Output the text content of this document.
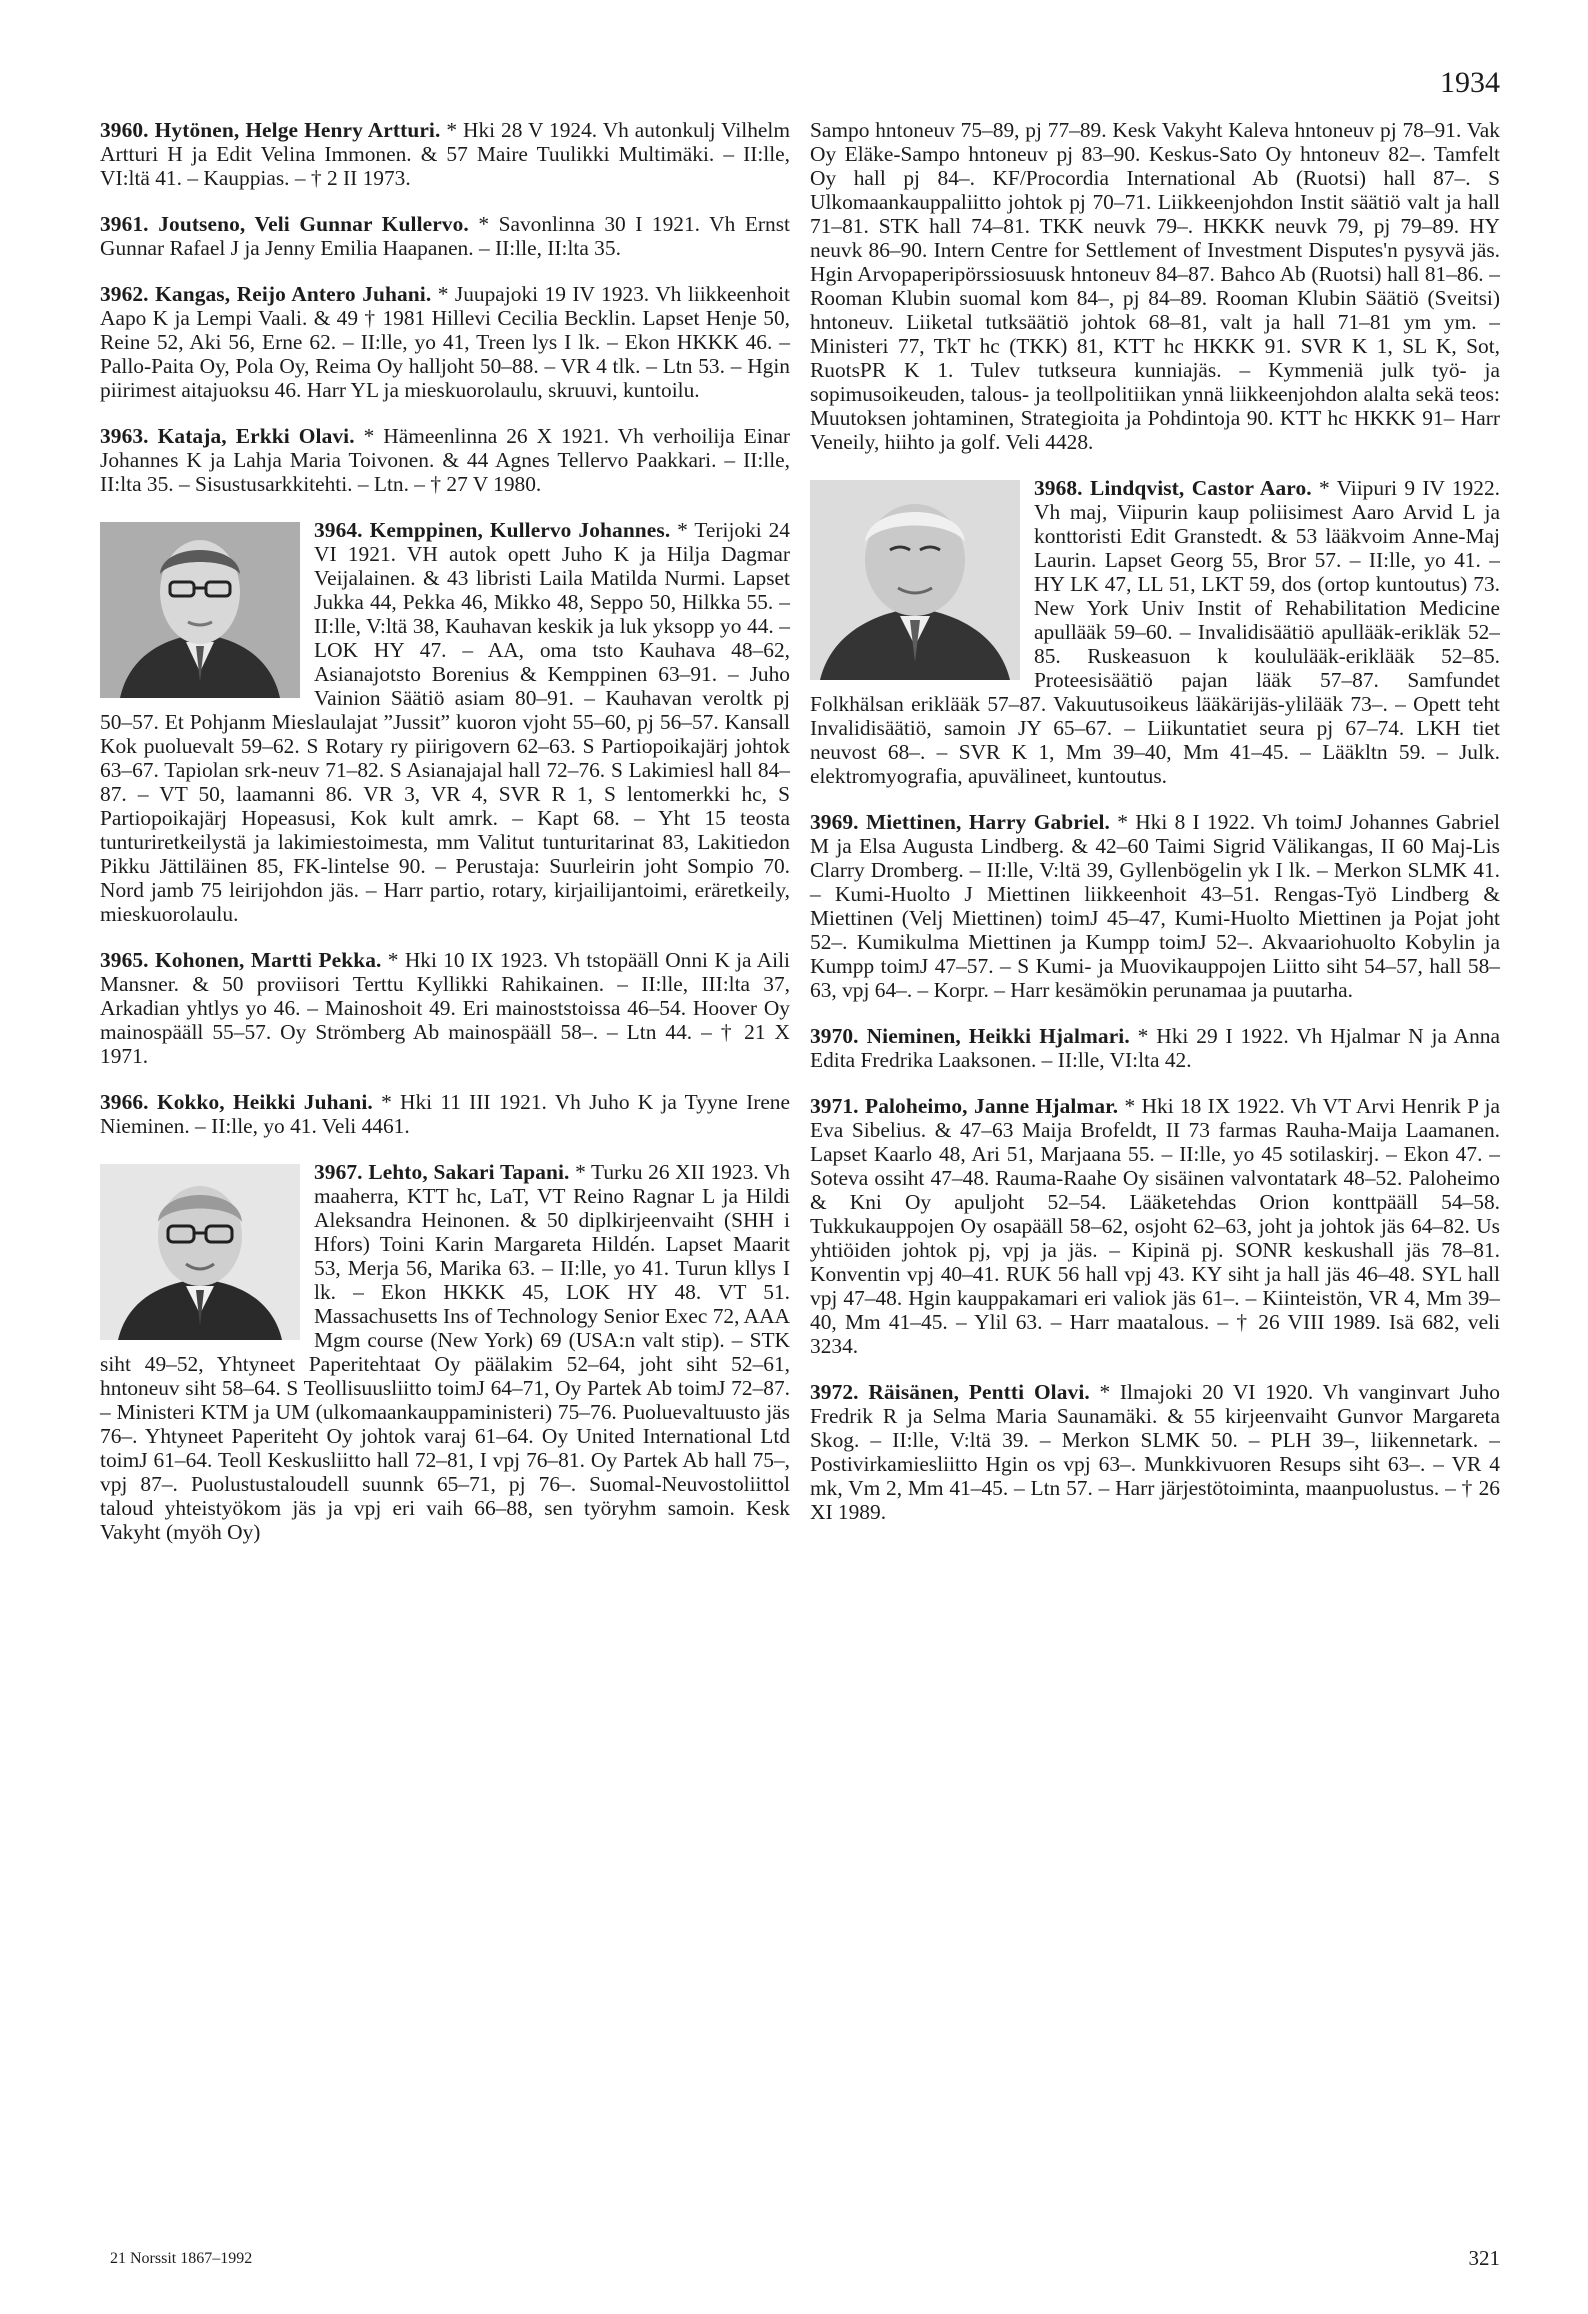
1934
3960. Hytönen, Helge Henry Artturi. * Hki 28 V 1924. Vh autonkulj Vilhelm Artturi H ja Edit Velina Immonen. & 57 Maire Tuulikki Multimäki. – II:lle, VI:ltä 41. – Kauppias. – † 2 II 1973.
3961. Joutseno, Veli Gunnar Kullervo. * Savonlinna 30 I 1921. Vh Ernst Gunnar Rafael J ja Jenny Emilia Haapanen. – II:lle, II:lta 35.
3962. Kangas, Reijo Antero Juhani. * Juupajoki 19 IV 1923. Vh liikkeenhoit Aapo K ja Lempi Vaali. & 49 † 1981 Hillevi Cecilia Becklin. Lapset Henje 50, Reine 52, Aki 56, Erne 62. – II:lle, yo 41, Treen lys I lk. – Ekon HKKK 46. – Pallo-Paita Oy, Pola Oy, Reima Oy halljoht 50–88. – VR 4 tlk. – Ltn 53. – Hgin piirimest aitajuoksu 46. Harr YL ja mieskuorolaulu, skruuvi, kuntoilu.
3963. Kataja, Erkki Olavi. * Hämeenlinna 26 X 1921. Vh verhoilija Einar Johannes K ja Lahja Maria Toivonen. & 44 Agnes Tellervo Paakkari. – II:lle, II:lta 35. – Sisustusarkkitehti. – Ltn. – † 27 V 1980.
3964. Kemppinen, Kullervo Johannes.
* Terijoki 24 VI 1921. VH autok opett Juho K ja Hilja Dagmar Veijalainen. & 43 libristi Laila Matilda Nurmi. Lapset Jukka 44, Pekka 46, Mikko 48, Seppo 50, Hilkka 55. – II:lle, V:ltä 38, Kauhavan keskik ja luk yksopp yo 44. – LOK HY 47. – AA, oma tsto Kauhava 48–62, Asianajotsto Borenius & Kemppinen 63–91. – Juho Vainion Säätiö asiam 80–91. – Kauhavan veroltk pj 50–57. Et Pohjanm Mieslaulajat ”Jussit” kuoron vjoht 55–60, pj 56–57. Kansall Kok puoluevalt 59–62. S Rotary ry piirigovern 62–63. S Partiopoikajärj johtok 63–67. Tapiolan srk-neuv 71–82. S Asianajajal hall 72–76. S Lakimiesl hall 84–87. – VT 50, laamanni 86. VR 3, VR 4, SVR R 1, S lentomerkki hc, S Partiopoikajärj Hopeasusi, Kok kult amrk. – Kapt 68. – Yht 15 teosta tunturiretkeilystä ja lakimiestoimesta, mm Valitut tunturitarinat 83, Lakitiedon Pikku Jättiläinen 85, FK-lintelse 90. – Perustaja: Suurleirin joht Sompio 70. Nord jamb 75 leirijohdon jäs. – Harr partio, rotary, kirjailijantoimi, eräretkeily, mieskuorolaulu.
3965. Kohonen, Martti Pekka. * Hki 10 IX 1923. Vh tstopääll Onni K ja Aili Mansner. & 50 proviisori Terttu Kyllikki Rahikainen. – II:lle, III:lta 37, Arkadian yhtlys yo 46. – Mainoshoit 49. Eri mainoststoissa 46–54. Hoover Oy mainospääll 55–57. Oy Strömberg Ab mainospääll 58–. – Ltn 44. – † 21 X 1971.
3966. Kokko, Heikki Juhani. * Hki 11 III 1921. Vh Juho K ja Tyyne Irene Nieminen. – II:lle, yo 41. Veli 4461.
3967. Lehto, Sakari Tapani.
* Turku 26 XII 1923. Vh maaherra, KTT hc, LaT, VT Reino Ragnar L ja Hildi Aleksandra Heinonen. & 50 diplkirjeenvaiht (SHH i Hfors) Toini Karin Margareta Hildén. Lapset Maarit 53, Merja 56, Marika 63. – II:lle, yo 41. Turun kllys I lk. – Ekon HKKK 45, LOK HY 48. VT 51. Massachusetts Ins of Technology Senior Exec 72, AAA Mgm course (New York) 69 (USA:n valt stip). – STK siht 49–52, Yhtyneet Paperitehtaat Oy päälakim 52–64, joht siht 52–61, hntoneuv siht 58–64. S Teollisuusliitto toimJ 64–71, Oy Partek Ab toimJ 72–87. – Ministeri KTM ja UM (ulkomaankauppaministeri) 75–76. Puoluevaltuusto jäs 76–. Yhtyneet Paperiteht Oy johtok varaj 61–64. Oy United International Ltd toimJ 61–64. Teoll Keskusliitto hall 72–81, I vpj 76–81. Oy Partek Ab hall 75–, vpj 87–. Puolustustaloudell suunnk 65–71, pj 76–. Suomal-Neuvostoliittol taloud yhteistyökom jäs ja vpj eri vaih 66–88, sen työryhm samoin. Kesk Vakyht (myöh Oy)
Sampo hntoneuv 75–89, pj 77–89. Kesk Vakyht Kaleva hntoneuv pj 78–91. Vak Oy Eläke-Sampo hntoneuv pj 83–90. Keskus-Sato Oy hntoneuv 82–. Tamfelt Oy hall pj 84–. KF/Procordia International Ab (Ruotsi) hall 87–. S Ulkomaankauppaliitto johtok pj 70–71. Liikkeenjohdon Instit säätiö valt ja hall 71–81. STK hall 74–81. TKK neuvk 79–. HKKK neuvk 79, pj 79–89. HY neuvk 86–90. Intern Centre for Settlement of Investment Disputes'n pysyvä jäs. Hgin Arvopaperipörssiosuusk hntoneuv 84–87. Bahco Ab (Ruotsi) hall 81–86. – Rooman Klubin suomal kom 84–, pj 84–89. Rooman Klubin Säätiö (Sveitsi) hntoneuv. Liiketal tutksäätiö johtok 68–81, valt ja hall 71–81 ym ym. – Ministeri 77, TkT hc (TKK) 81, KTT hc HKKK 91. SVR K 1, SL K, Sot, RuotsPR K 1. Tulev tutkseura kunniajäs. – Kymmeniä julk työ- ja sopimusoikeuden, talous- ja teollpolitiikan ynnä liikkeenjohdon alalta sekä teos: Muutoksen johtaminen, Strategioita ja Pohdintoja 90. KTT hc HKKK 91– Harr Veneily, hiihto ja golf. Veli 4428.
3968. Lindqvist, Castor Aaro.
* Viipuri 9 IV 1922. Vh maj, Viipurin kaup poliisimest Aaro Arvid L ja konttoristi Edit Granstedt. & 53 lääkvoim Anne-Maj Laurin. Lapset Georg 55, Bror 57. – II:lle, yo 41. – HY LK 47, LL 51, LKT 59, dos (ortop kuntoutus) 73. New York Univ Instit of Rehabilitation Medicine apullääk 59–60. – Invalidisäätiö apullääk-erikläk 52–85. Ruskeasuon k koululääk-eriklääk 52–85. Proteesisäätiö pajan lääk 57–87. Samfundet Folkhälsan eriklääk 57–87. Vakuutusoikeus lääkärijäs-ylilääk 73–. – Opett teht Invalidisäätiö, samoin JY 65–67. – Liikuntatiet seura pj 67–74. LKH tiet neuvost 68–. – SVR K 1, Mm 39–40, Mm 41–45. – Lääkltn 59. – Julk. elektromyografia, apuvälineet, kuntoutus.
3969. Miettinen, Harry Gabriel. * Hki 8 I 1922. Vh toimJ Johannes Gabriel M ja Elsa Augusta Lindberg. & 42–60 Taimi Sigrid Välikangas, II 60 Maj-Lis Clarry Dromberg. – II:lle, V:ltä 39, Gyllenbögelin yk I lk. – Merkon SLMK 41. – Kumi-Huolto J Miettinen liikkeenhoit 43–51. Rengas-Työ Lindberg & Miettinen (Velj Miettinen) toimJ 45–47, Kumi-Huolto Miettinen ja Pojat joht 52–. Kumikulma Miettinen ja Kumpp toimJ 52–. Akvaariohuolto Kobylin ja Kumpp toimJ 47–57. – S Kumi- ja Muovikauppojen Liitto siht 54–57, hall 58–63, vpj 64–. – Korpr. – Harr kesämökin perunamaa ja puutarha.
3970. Nieminen, Heikki Hjalmari. * Hki 29 I 1922. Vh Hjalmar N ja Anna Edita Fredrika Laaksonen. – II:lle, VI:lta 42.
3971. Paloheimo, Janne Hjalmar. * Hki 18 IX 1922. Vh VT Arvi Henrik P ja Eva Sibelius. & 47–63 Maija Brofeldt, II 73 farmas Rauha-Maija Laamanen. Lapset Kaarlo 48, Ari 51, Marjaana 55. – II:lle, yo 45 sotilaskirj. – Ekon 47. – Soteva ossiht 47–48. Rauma-Raahe Oy sisäinen valvontatark 48–52. Paloheimo & Kni Oy apuljoht 52–54. Lääketehdas Orion konttpääll 54–58. Tukkukauppojen Oy osapääll 58–62, osjoht 62–63, joht ja johtok jäs 64–82. Us yhtiöiden johtok pj, vpj ja jäs. – Kipinä pj. SONR keskushall jäs 78–81. Konventin vpj 40–41. RUK 56 hall vpj 43. KY siht ja hall jäs 46–48. SYL hall vpj 47–48. Hgin kauppakamari eri valiok jäs 61–. – Kiinteistön, VR 4, Mm 39–40, Mm 41–45. – Ylil 63. – Harr maatalous. – † 26 VIII 1989. Isä 682, veli 3234.
3972. Räisänen, Pentti Olavi. * Ilmajoki 20 VI 1920. Vh vanginvart Juho Fredrik R ja Selma Maria Saunamäki. & 55 kirjeenvaiht Gunvor Margareta Skog. – II:lle, V:ltä 39. – Merkon SLMK 50. – PLH 39–, liikennetark. – Postivirkamiesliitto Hgin os vpj 63–. Munkkivuoren Resups siht 63–. – VR 4 mk, Vm 2, Mm 41–45. – Ltn 57. – Harr järjestötoiminta, maanpuolustus. – † 26 XI 1989.
21 Norssit 1867–1992	321
